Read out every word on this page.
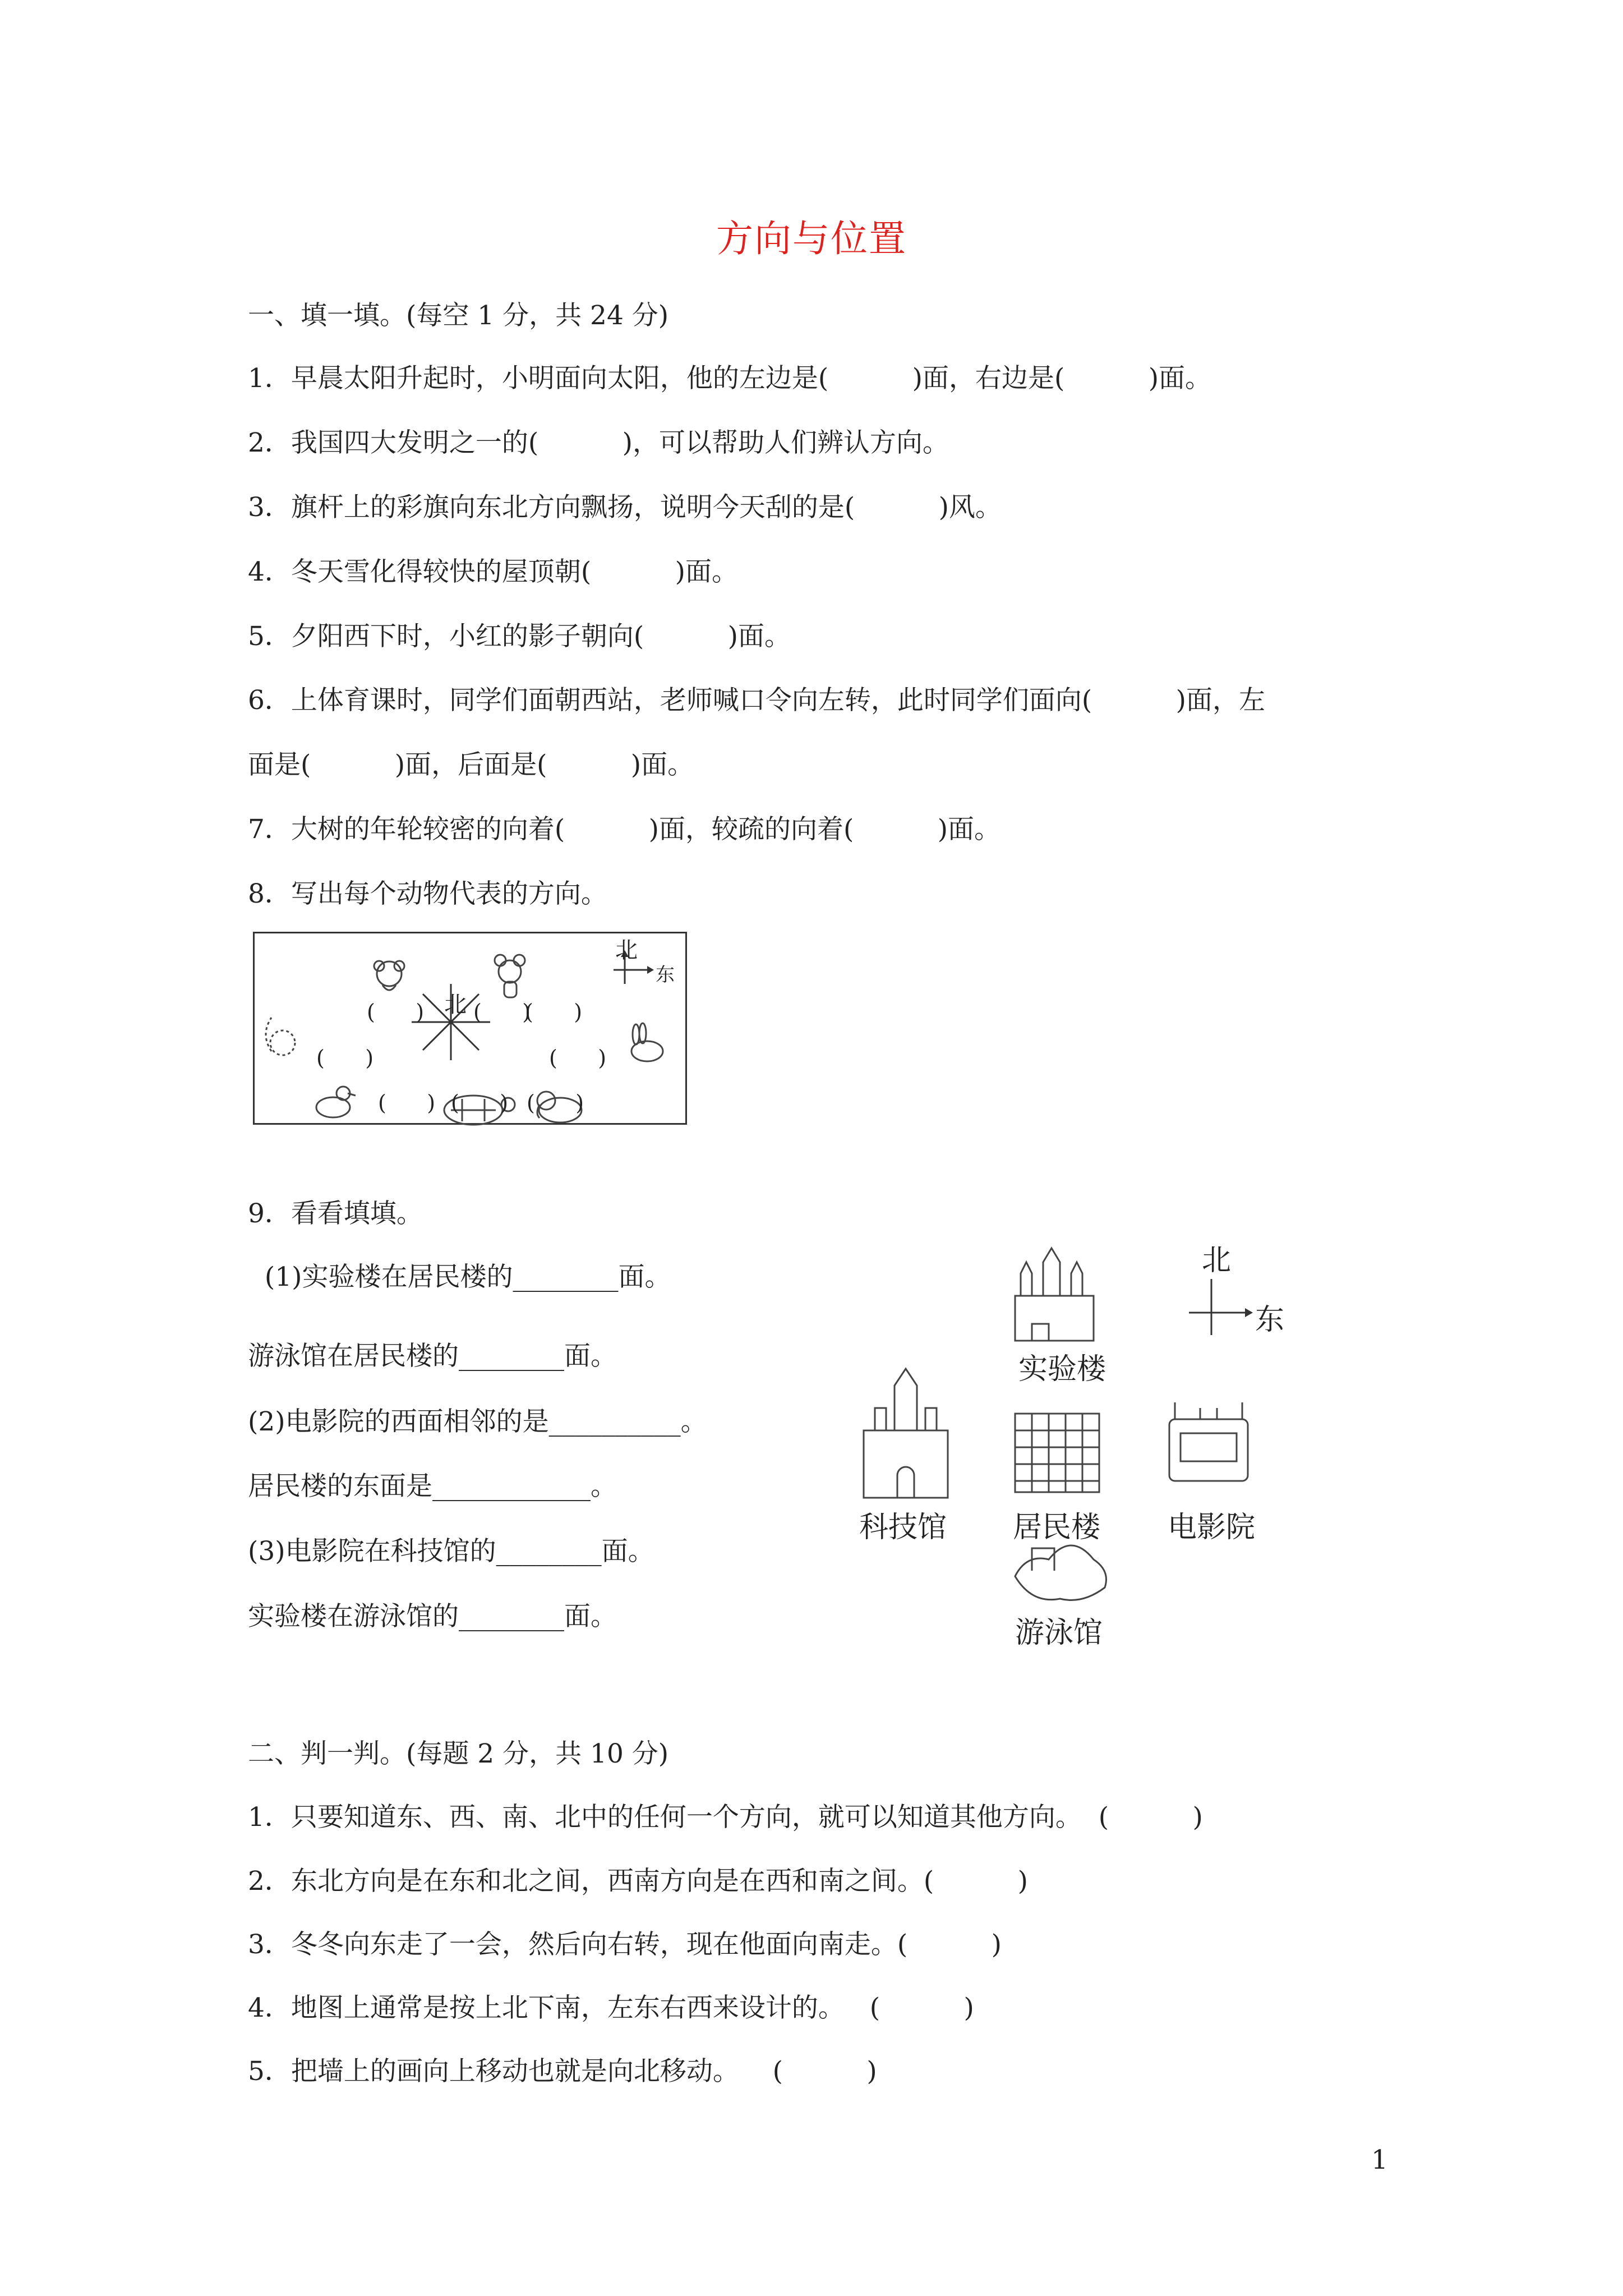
方向与位置
一、填一填。(每空 1 分，共 24 分)
1．早晨太阳升起时，小明面向太阳，他的左边是(          )面，右边是(          )面。
2．我国四大发明之一的(          )，可以帮助人们辨认方向。
3．旗杆上的彩旗向东北方向飘扬，说明今天刮的是(          )风。
4．冬天雪化得较快的屋顶朝(          )面。
5．夕阳西下时，小红的影子朝向(          )面。
6．上体育课时，同学们面朝西站，老师喊口令向左转，此时同学们面向(          )面，左
面是(          )面，后面是(          )面。
7．大树的年轮较密的向着(          )面，较疏的向着(          )面。
8．写出每个动物代表的方向。
北
北
东
(      )	(      )
(      )	(      )
(      ) (      ) (      )
(      )
9．看看填填。
(1)实验楼在居民楼的________面。
游泳馆在居民楼的________面。
(2)电影院的西面相邻的是__________。
居民楼的东面是____________。
(3)电影院在科技馆的________面。
实验楼在游泳馆的________面。
北
东
实验楼
科技馆 居民楼 电影院
游泳馆
二、判一判。(每题 2 分，共 10 分)
1．只要知道东、西、南、北中的任何一个方向，就可以知道其他方向。  (          )
2．东北方向是在东和北之间，西南方向是在西和南之间。(          )
3．冬冬向东走了一会，然后向右转，现在他面向南走。(          )
4．地图上通常是按上北下南，左东右西来设计的。   (          )
5．把墙上的画向上移动也就是向北移动。    (          )
1
